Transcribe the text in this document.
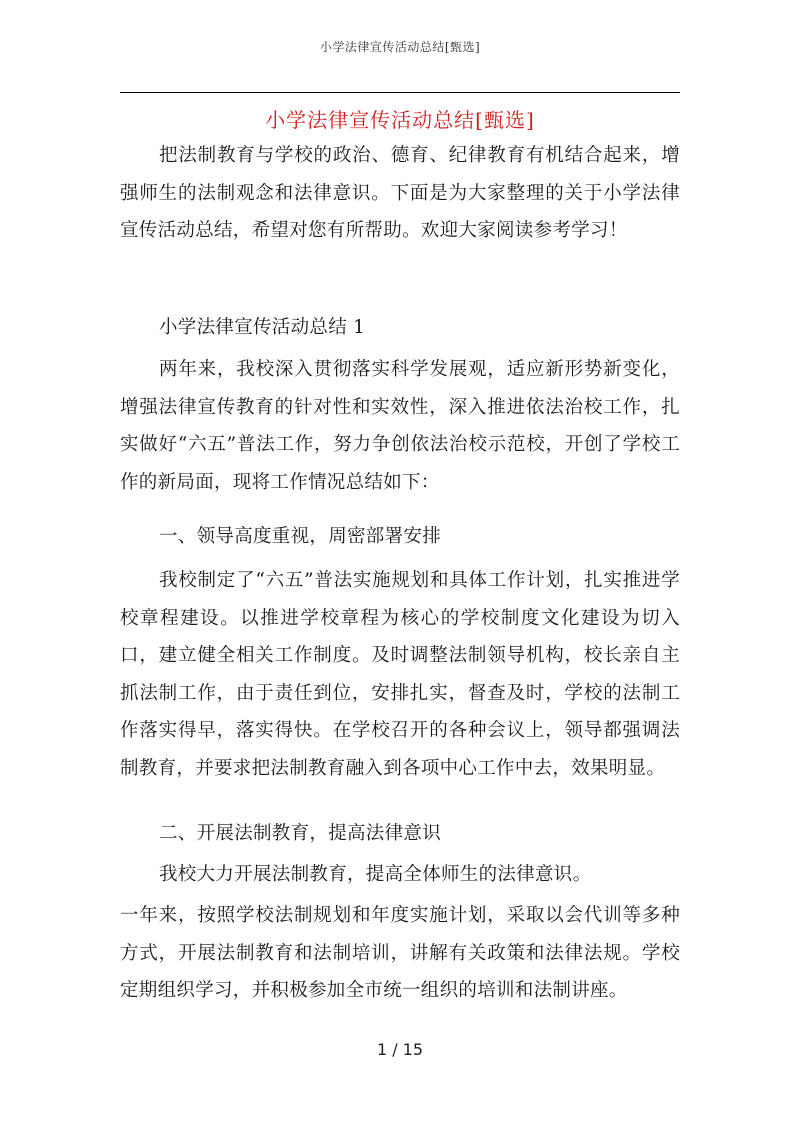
小学法律宣传活动总结[甄选]
小学法律宣传活动总结[甄选]

把法制教育与学校的政治、德育、纪律教育有机结合起来，增强师生的法制观念和法律意识。下面是为大家整理的关于小学法律宣传活动总结，希望对您有所帮助。欢迎大家阅读参考学习！

小学法律宣传活动总结 1

两年来，我校深入贯彻落实科学发展观，适应新形势新变化，增强法律宣传教育的针对性和实效性，深入推进依法治校工作，扎实做好“六五”普法工作，努力争创依法治校示范校，开创了学校工作的新局面，现将工作情况总结如下：

一、领导高度重视，周密部署安排

我校制定了“六五”普法实施规划和具体工作计划，扎实推进学校章程建设。以推进学校章程为核心的学校制度文化建设为切入口，建立健全相关工作制度。及时调整法制领导机构，校长亲自主抓法制工作，由于责任到位，安排扎实，督查及时，学校的法制工作落实得早，落实得快。在学校召开的各种会议上，领导都强调法制教育，并要求把法制教育融入到各项中心工作中去，效果明显。

二、开展法制教育，提高法律意识

我校大力开展法制教育，提高全体师生的法律意识。

一年来，按照学校法制规划和年度实施计划，采取以会代训等多种方式，开展法制教育和法制培训，讲解有关政策和法律法规。学校定期组织学习，并积极参加全市统一组织的培训和法制讲座。

1 / 15
